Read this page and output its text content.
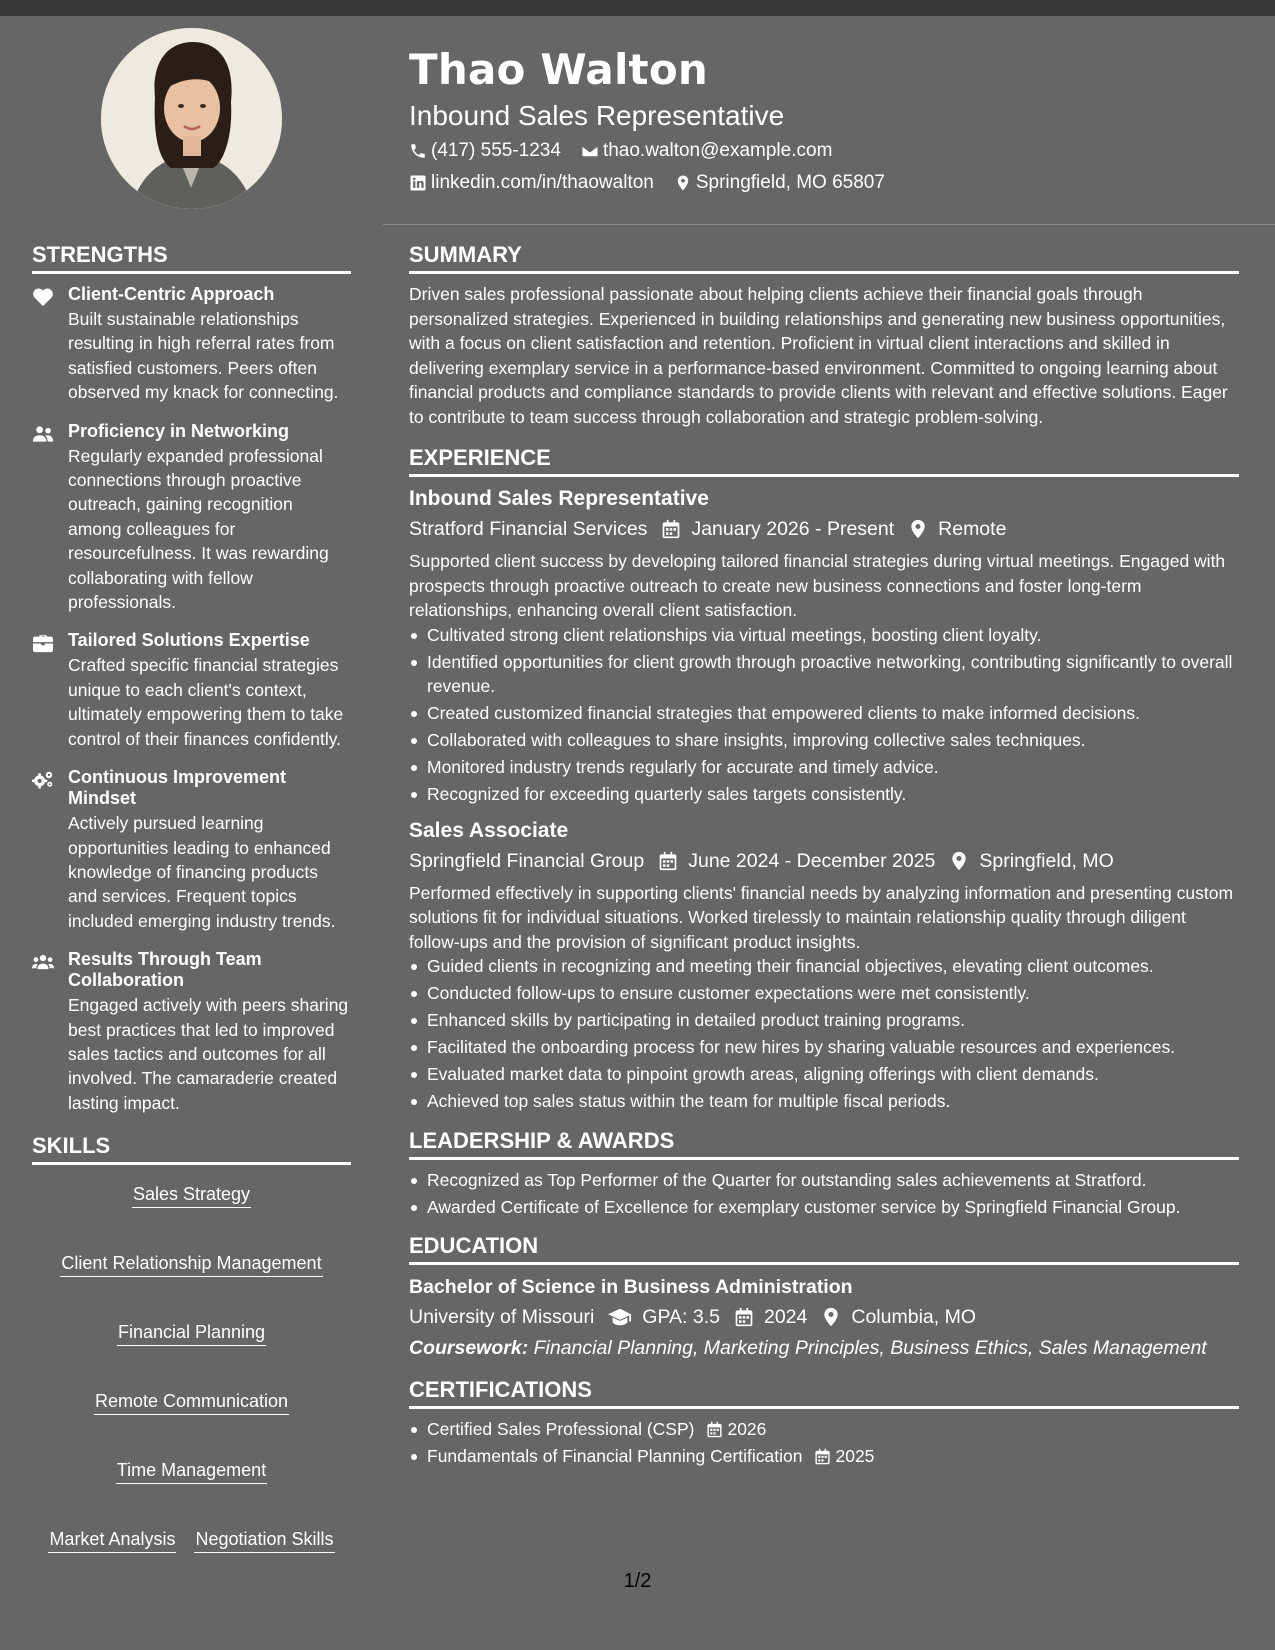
Thao Walton
Inbound Sales Representative
(417) 555-1234 thao.walton@example.com
linkedin.com/in/thaowalton Springfield, MO 65807
STRENGTHS
Client-Centric Approach
Built sustainable relationships resulting in high referral rates from satisfied customers. Peers often observed my knack for connecting.
Proficiency in Networking
Regularly expanded professional connections through proactive outreach, gaining recognition among colleagues for resourcefulness. It was rewarding collaborating with fellow professionals.
Tailored Solutions Expertise
Crafted specific financial strategies unique to each client's context, ultimately empowering them to take control of their finances confidently.
Continuous Improvement Mindset
Actively pursued learning opportunities leading to enhanced knowledge of financing products and services. Frequent topics included emerging industry trends.
Results Through Team Collaboration
Engaged actively with peers sharing best practices that led to improved sales tactics and outcomes for all involved. The camaraderie created lasting impact.
SKILLS
Sales Strategy
Client Relationship Management
Financial Planning
Remote Communication
Time Management
Market Analysis Negotiation Skills
SUMMARY
Driven sales professional passionate about helping clients achieve their financial goals through personalized strategies. Experienced in building relationships and generating new business opportunities, with a focus on client satisfaction and retention. Proficient in virtual client interactions and skilled in delivering exemplary service in a performance-based environment. Committed to ongoing learning about financial products and compliance standards to provide clients with relevant and effective solutions. Eager to contribute to team success through collaboration and strategic problem-solving.
EXPERIENCE
Inbound Sales Representative
Stratford Financial Services January 2026 - Present Remote
Supported client success by developing tailored financial strategies during virtual meetings. Engaged with prospects through proactive outreach to create new business connections and foster long-term relationships, enhancing overall client satisfaction.
Cultivated strong client relationships via virtual meetings, boosting client loyalty.
Identified opportunities for client growth through proactive networking, contributing significantly to overall revenue.
Created customized financial strategies that empowered clients to make informed decisions.
Collaborated with colleagues to share insights, improving collective sales techniques.
Monitored industry trends regularly for accurate and timely advice.
Recognized for exceeding quarterly sales targets consistently.
Sales Associate
Springfield Financial Group June 2024 - December 2025 Springfield, MO
Performed effectively in supporting clients' financial needs by analyzing information and presenting custom solutions fit for individual situations. Worked tirelessly to maintain relationship quality through diligent follow-ups and the provision of significant product insights.
Guided clients in recognizing and meeting their financial objectives, elevating client outcomes.
Conducted follow-ups to ensure customer expectations were met consistently.
Enhanced skills by participating in detailed product training programs.
Facilitated the onboarding process for new hires by sharing valuable resources and experiences.
Evaluated market data to pinpoint growth areas, aligning offerings with client demands.
Achieved top sales status within the team for multiple fiscal periods.
LEADERSHIP & AWARDS
Recognized as Top Performer of the Quarter for outstanding sales achievements at Stratford.
Awarded Certificate of Excellence for exemplary customer service by Springfield Financial Group.
EDUCATION
Bachelor of Science in Business Administration
University of Missouri GPA: 3.5 2024 Columbia, MO
Coursework: Financial Planning, Marketing Principles, Business Ethics, Sales Management
CERTIFICATIONS
Certified Sales Professional (CSP) 2026
Fundamentals of Financial Planning Certification 2025
1/2
